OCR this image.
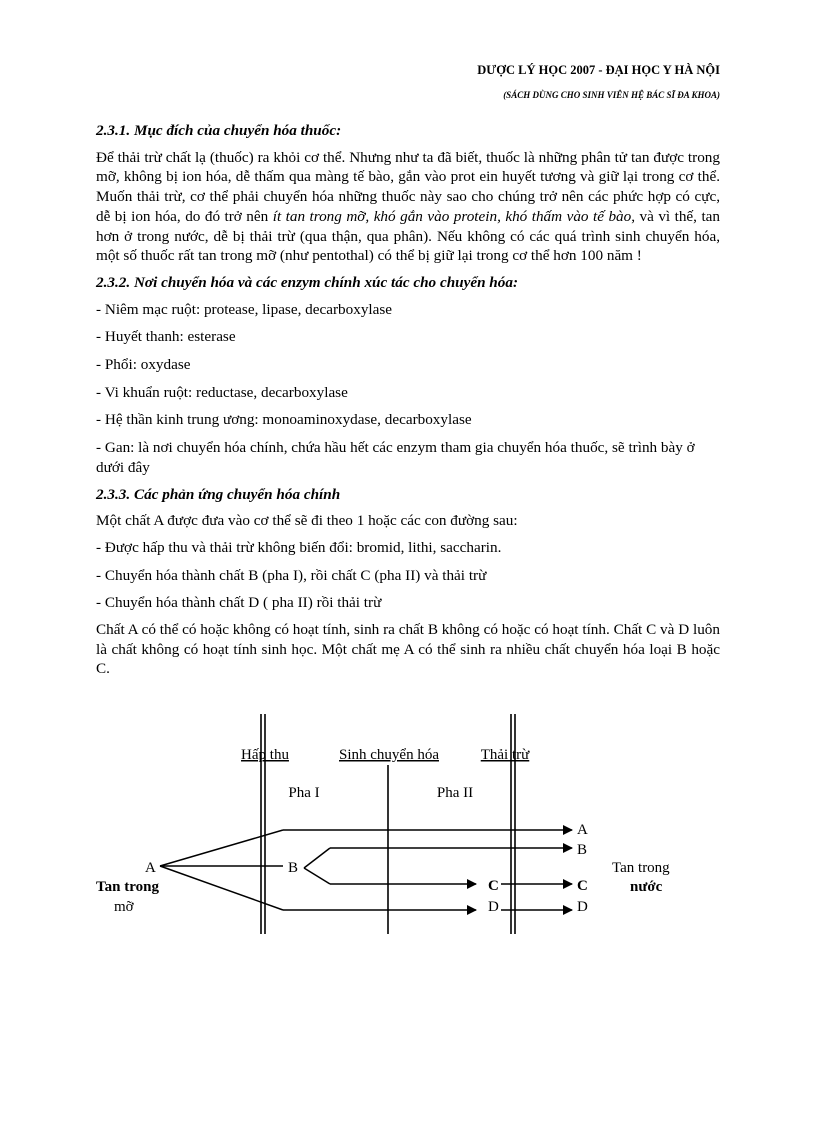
DƯỢC LÝ HỌC 2007 - ĐẠI HỌC Y HÀ NỘI
(SÁCH DÙNG CHO SINH VIÊN HỆ BÁC SĨ ĐA KHOA)

2.3.1. Mục đích của chuyển hóa thuốc:

Để thải trừ chất lạ (thuốc) ra khỏi cơ thể. Nhưng như ta đã biết, thuốc là những phân tử tan được trong mỡ, không bị ion hóa, dễ thấm qua màng tế bào, gắn vào prot ein huyết tương và giữ lại trong cơ thể. Muốn thải trừ, cơ thể phải chuyển hóa những thuốc này sao cho chúng trở nên các phức hợp có cực, dễ bị ion hóa, do đó trở nên ít tan trong mỡ, khó gắn vào protein, khó thấm vào tế bào, và vì thế, tan hơn ở trong nước, dễ bị thải trừ (qua thận, qua phân). Nếu không có các quá trình sinh chuyển hóa, một số thuốc rất tan trong mỡ (như pentothal) có thể bị giữ lại trong cơ thể hơn 100 năm !

2.3.2. Nơi chuyển hóa và các enzym chính xúc tác cho chuyển hóa:

- Niêm mạc ruột: protease, lipase, decarboxylase

- Huyết thanh: esterase

- Phổi: oxydase

- Vi khuẩn ruột: reductase, decarboxylase

- Hệ thần kinh trung ương: monoaminoxydase, decarboxylase

- Gan: là nơi chuyển hóa chính, chứa hầu hết các enzym tham gia chuyển hóa thuốc, sẽ trình bày ở dưới đây

2.3.3. Các phản ứng chuyển hóa chính

Một chất A được đưa vào cơ thể sẽ đi theo 1 hoặc các con đường sau:

- Được hấp thu và thải trừ không biến đổi: bromid, lithi, saccharin.

- Chuyển hóa thành chất B (pha I), rồi chất C (pha II) và thải trừ

- Chuyển hóa thành chất D ( pha II) rồi thải trừ

Chất A có thể có hoặc không có hoạt tính, sinh ra chất B không có hoặc có hoạt tính. Chất C và D luôn là chất không có hoạt tính sinh học. Một chất mẹ A có thể sinh ra nhiều chất chuyển hóa loại B hoặc C.

Hấp thu	Sinh chuyển hóa	Thải trừ
Pha I	Pha II
A	B
C
D
A
B
C
D
Tan trong
mỡ
Tan trong
nước
